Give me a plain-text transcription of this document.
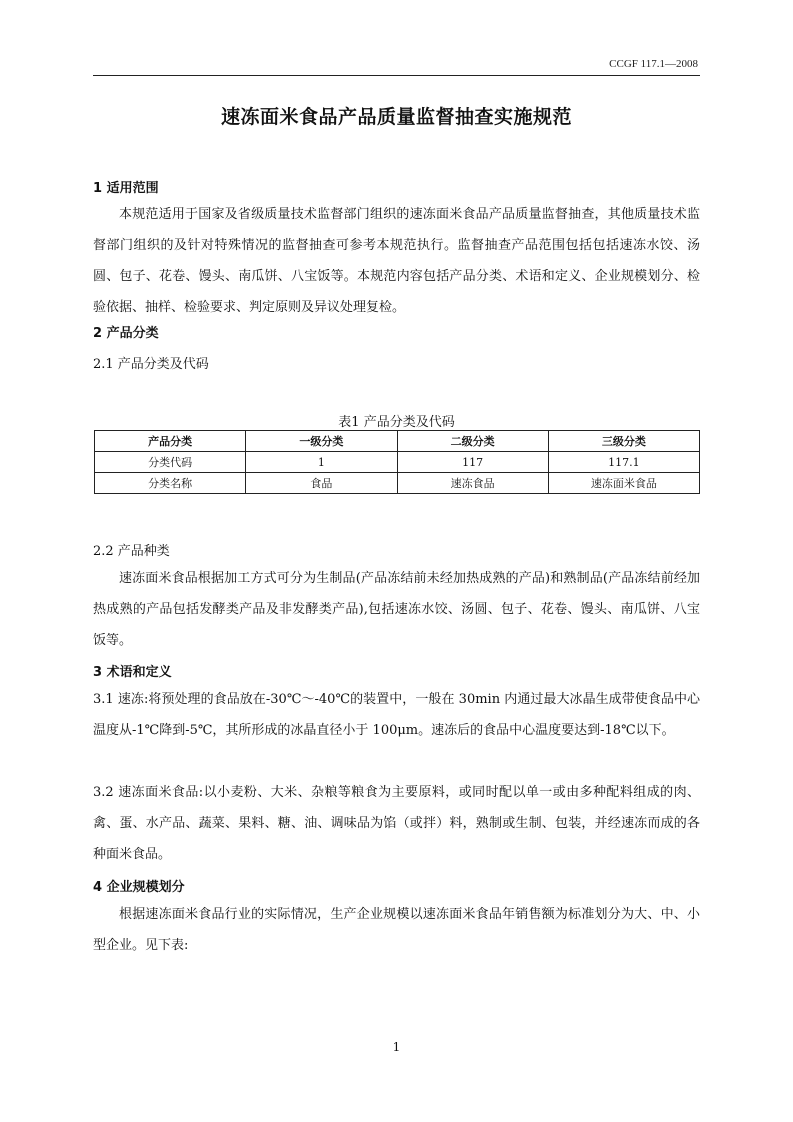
CCGF 117.1—2008
速冻面米食品产品质量监督抽查实施规范
1 适用范围
本规范适用于国家及省级质量技术监督部门组织的速冻面米食品产品质量监督抽查，其他质量技术监督部门组织的及针对特殊情况的监督抽查可参考本规范执行。监督抽查产品范围包括包括速冻水饺、汤圆、包子、花卷、馒头、南瓜饼、八宝饭等。本规范内容包括产品分类、术语和定义、企业规模划分、检验依据、抽样、检验要求、判定原则及异议处理复检。
2 产品分类
2.1 产品分类及代码
表1 产品分类及代码
产品分类	一级分类	二级分类	三级分类
分类代码	1	117	117.1
分类名称	食品	速冻食品	速冻面米食品
2.2 产品种类
速冻面米食品根据加工方式可分为生制品(产品冻结前未经加热成熟的产品)和熟制品(产品冻结前经加热成熟的产品包括发酵类产品及非发酵类产品),包括速冻水饺、汤圆、包子、花卷、馒头、南瓜饼、八宝饭等。
3 术语和定义
3.1 速冻:将预处理的食品放在-30℃～-40℃的装置中，一般在 30min 内通过最大冰晶生成带使食品中心温度从-1℃降到-5℃，其所形成的冰晶直径小于 100μm。速冻后的食品中心温度要达到-18℃以下。
3.2 速冻面米食品:以小麦粉、大米、杂粮等粮食为主要原料，或同时配以单一或由多种配料组成的肉、禽、蛋、水产品、蔬菜、果料、糖、油、调味品为馅（或拌）料，熟制或生制、包装，并经速冻而成的各种面米食品。
4 企业规模划分
根据速冻面米食品行业的实际情况，生产企业规模以速冻面米食品年销售额为标准划分为大、中、小型企业。见下表:
1
